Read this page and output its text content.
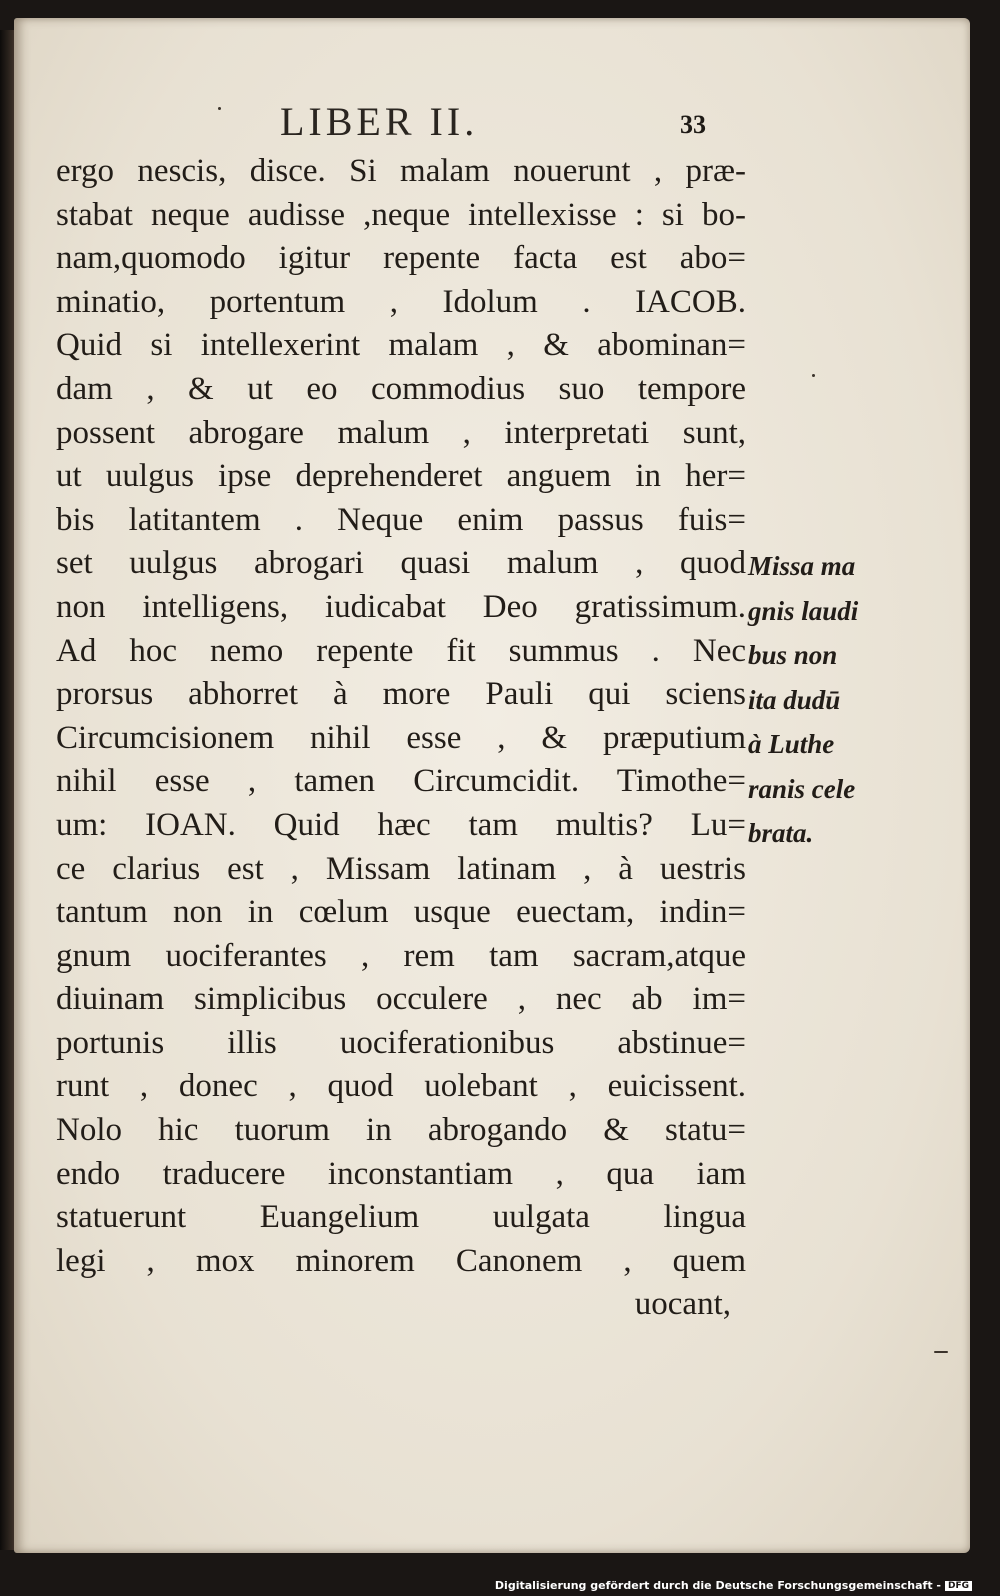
LIBER II.	33
ergo nescis, disce. Si malam nouerunt , præ-
stabat neque audisse ,neque intellexisse : si bo-
nam,quomodo igitur repente facta est abo=
minatio, portentum , Idolum . IACOB.
Quid si intellexerint malam , & abominan=
dam , & ut eo commodius suo tempore
possent abrogare malum , interpretati sunt,
ut uulgus ipse deprehenderet anguem in her=
bis latitantem . Neque enim passus fuis=
set uulgus abrogari quasi malum , quod
non intelligens, iudicabat Deo gratissimum.
Ad hoc nemo repente fit summus . Nec
prorsus abhorret à more Pauli qui sciens
Circumcisionem nihil esse , & præputium
nihil esse , tamen Circumcidit. Timothe=
um: IOAN. Quid hæc tam multis? Lu=
ce clarius est , Missam latinam , à uestris
tantum non in cœlum usque euectam, indin=
gnum uociferantes , rem tam sacram,atque
diuinam simplicibus occulere , nec ab im=
portunis illis uociferationibus abstinue=
runt , donec , quod uolebant , euicissent.
Nolo hic tuorum in abrogando & statu=
endo traducere inconstantiam , qua iam
statuerunt Euangelium uulgata lingua
legi , mox minorem Canonem , quem
uocant,
Missa ma
gnis laudi
bus non
ita dudū
à Luthe
ranis cele
brata.
Digitalisierung gefördert durch die Deutsche Forschungsgemeinschaft - DFG
